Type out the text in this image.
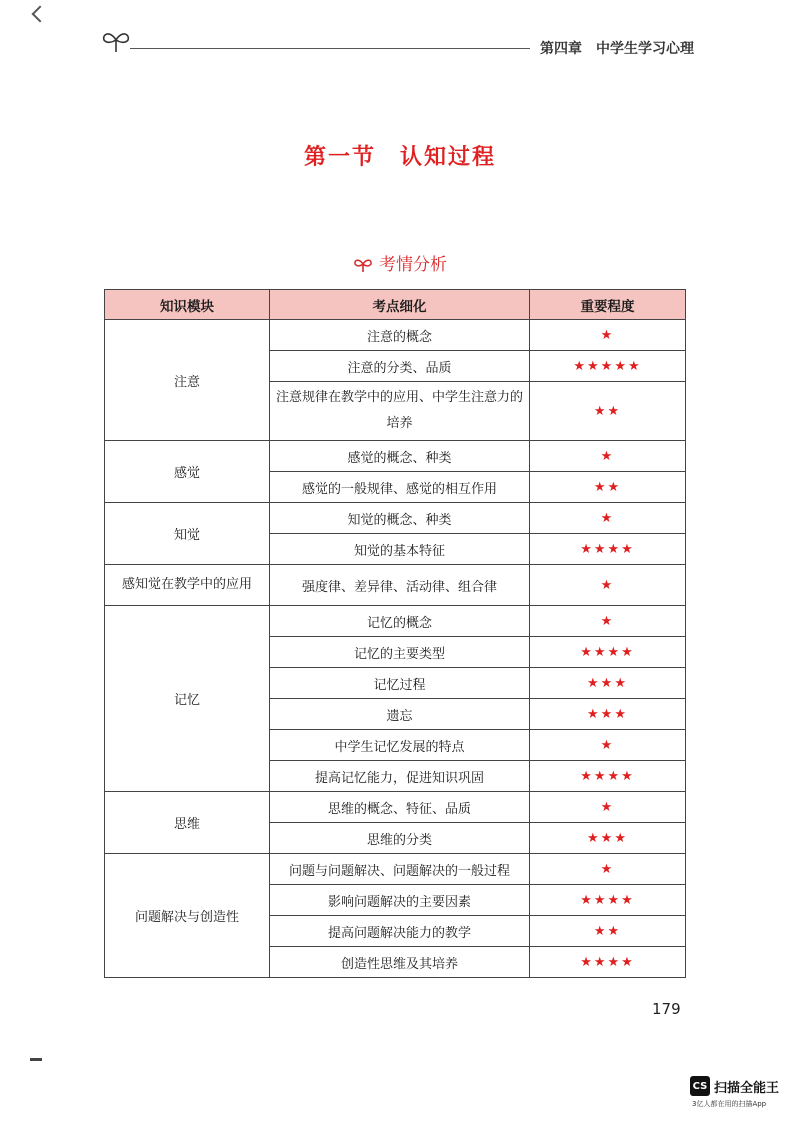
第四章　中学生学习心理
第一节　认知过程
考情分析
知识模块	考点细化	重要程度
注意	注意的概念	★
	注意的分类、品质	★★★★★
	注意规律在教学中的应用、中学生注意力的培养	★★
感觉	感觉的概念、种类	★
	感觉的一般规律、感觉的相互作用	★★
知觉	知觉的概念、种类	★
	知觉的基本特征	★★★★
感知觉在教学中的应用	强度律、差异律、活动律、组合律	★
记忆	记忆的概念	★
	记忆的主要类型	★★★★
	记忆过程	★★★
	遗忘	★★★
	中学生记忆发展的特点	★
	提高记忆能力，促进知识巩固	★★★★
思维	思维的概念、特征、品质	★
	思维的分类	★★★
问题解决与创造性	问题与问题解决、问题解决的一般过程	★
	影响问题解决的主要因素	★★★★
	提高问题解决能力的教学	★★
	创造性思维及其培养	★★★★
179
CS 扫描全能王
3亿人都在用的扫描App
